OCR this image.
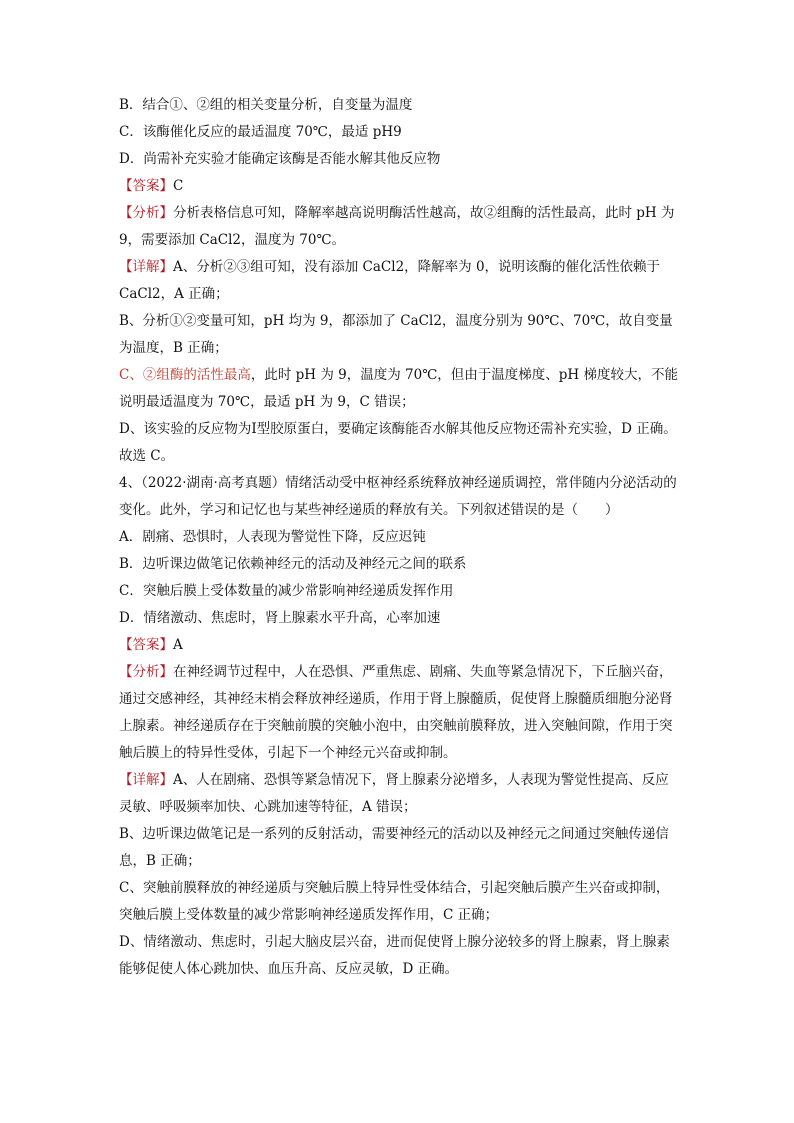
B．结合①、②组的相关变量分析，自变量为温度

C．该酶催化反应的最适温度 70℃，最适 pH9

D．尚需补充实验才能确定该酶是否能水解其他反应物

【答案】C

【分析】分析表格信息可知，降解率越高说明酶活性越高，故②组酶的活性最高，此时 pH 为 9，需要添加 CaCl2，温度为 70℃。

【详解】A、分析②③组可知，没有添加 CaCl2，降解率为 0，说明该酶的催化活性依赖于 CaCl2，A 正确；

B、分析①②变量可知，pH 均为 9，都添加了 CaCl2，温度分别为 90℃、70℃，故自变量为温度，B 正确；

C、②组酶的活性最高，此时 pH 为 9，温度为 70℃，但由于温度梯度、pH 梯度较大，不能说明最适温度为 70℃，最适 pH 为 9，C 错误；

D、该实验的反应物为Ⅰ型胶原蛋白，要确定该酶能否水解其他反应物还需补充实验，D 正确。

故选 C。

4、（2022·湖南·高考真题）情绪活动受中枢神经系统释放神经递质调控，常伴随内分泌活动的变化。此外，学习和记忆也与某些神经递质的释放有关。下列叙述错误的是（　　）

A．剧痛、恐惧时，人表现为警觉性下降，反应迟钝

B．边听课边做笔记依赖神经元的活动及神经元之间的联系

C．突触后膜上受体数量的减少常影响神经递质发挥作用

D．情绪激动、焦虑时，肾上腺素水平升高，心率加速

【答案】A

【分析】在神经调节过程中，人在恐惧、严重焦虑、剧痛、失血等紧急情况下，下丘脑兴奋，通过交感神经，其神经末梢会释放神经递质，作用于肾上腺髓质，促使肾上腺髓质细胞分泌肾上腺素。神经递质存在于突触前膜的突触小泡中，由突触前膜释放，进入突触间隙，作用于突触后膜上的特异性受体，引起下一个神经元兴奋或抑制。

【详解】A、人在剧痛、恐惧等紧急情况下，肾上腺素分泌增多，人表现为警觉性提高、反应灵敏、呼吸频率加快、心跳加速等特征，A 错误；

B、边听课边做笔记是一系列的反射活动，需要神经元的活动以及神经元之间通过突触传递信息，B 正确；

C、突触前膜释放的神经递质与突触后膜上特异性受体结合，引起突触后膜产生兴奋或抑制，突触后膜上受体数量的减少常影响神经递质发挥作用，C 正确；

D、情绪激动、焦虑时，引起大脑皮层兴奋，进而促使肾上腺分泌较多的肾上腺素，肾上腺素能够促使人体心跳加快、血压升高、反应灵敏，D 正确。
